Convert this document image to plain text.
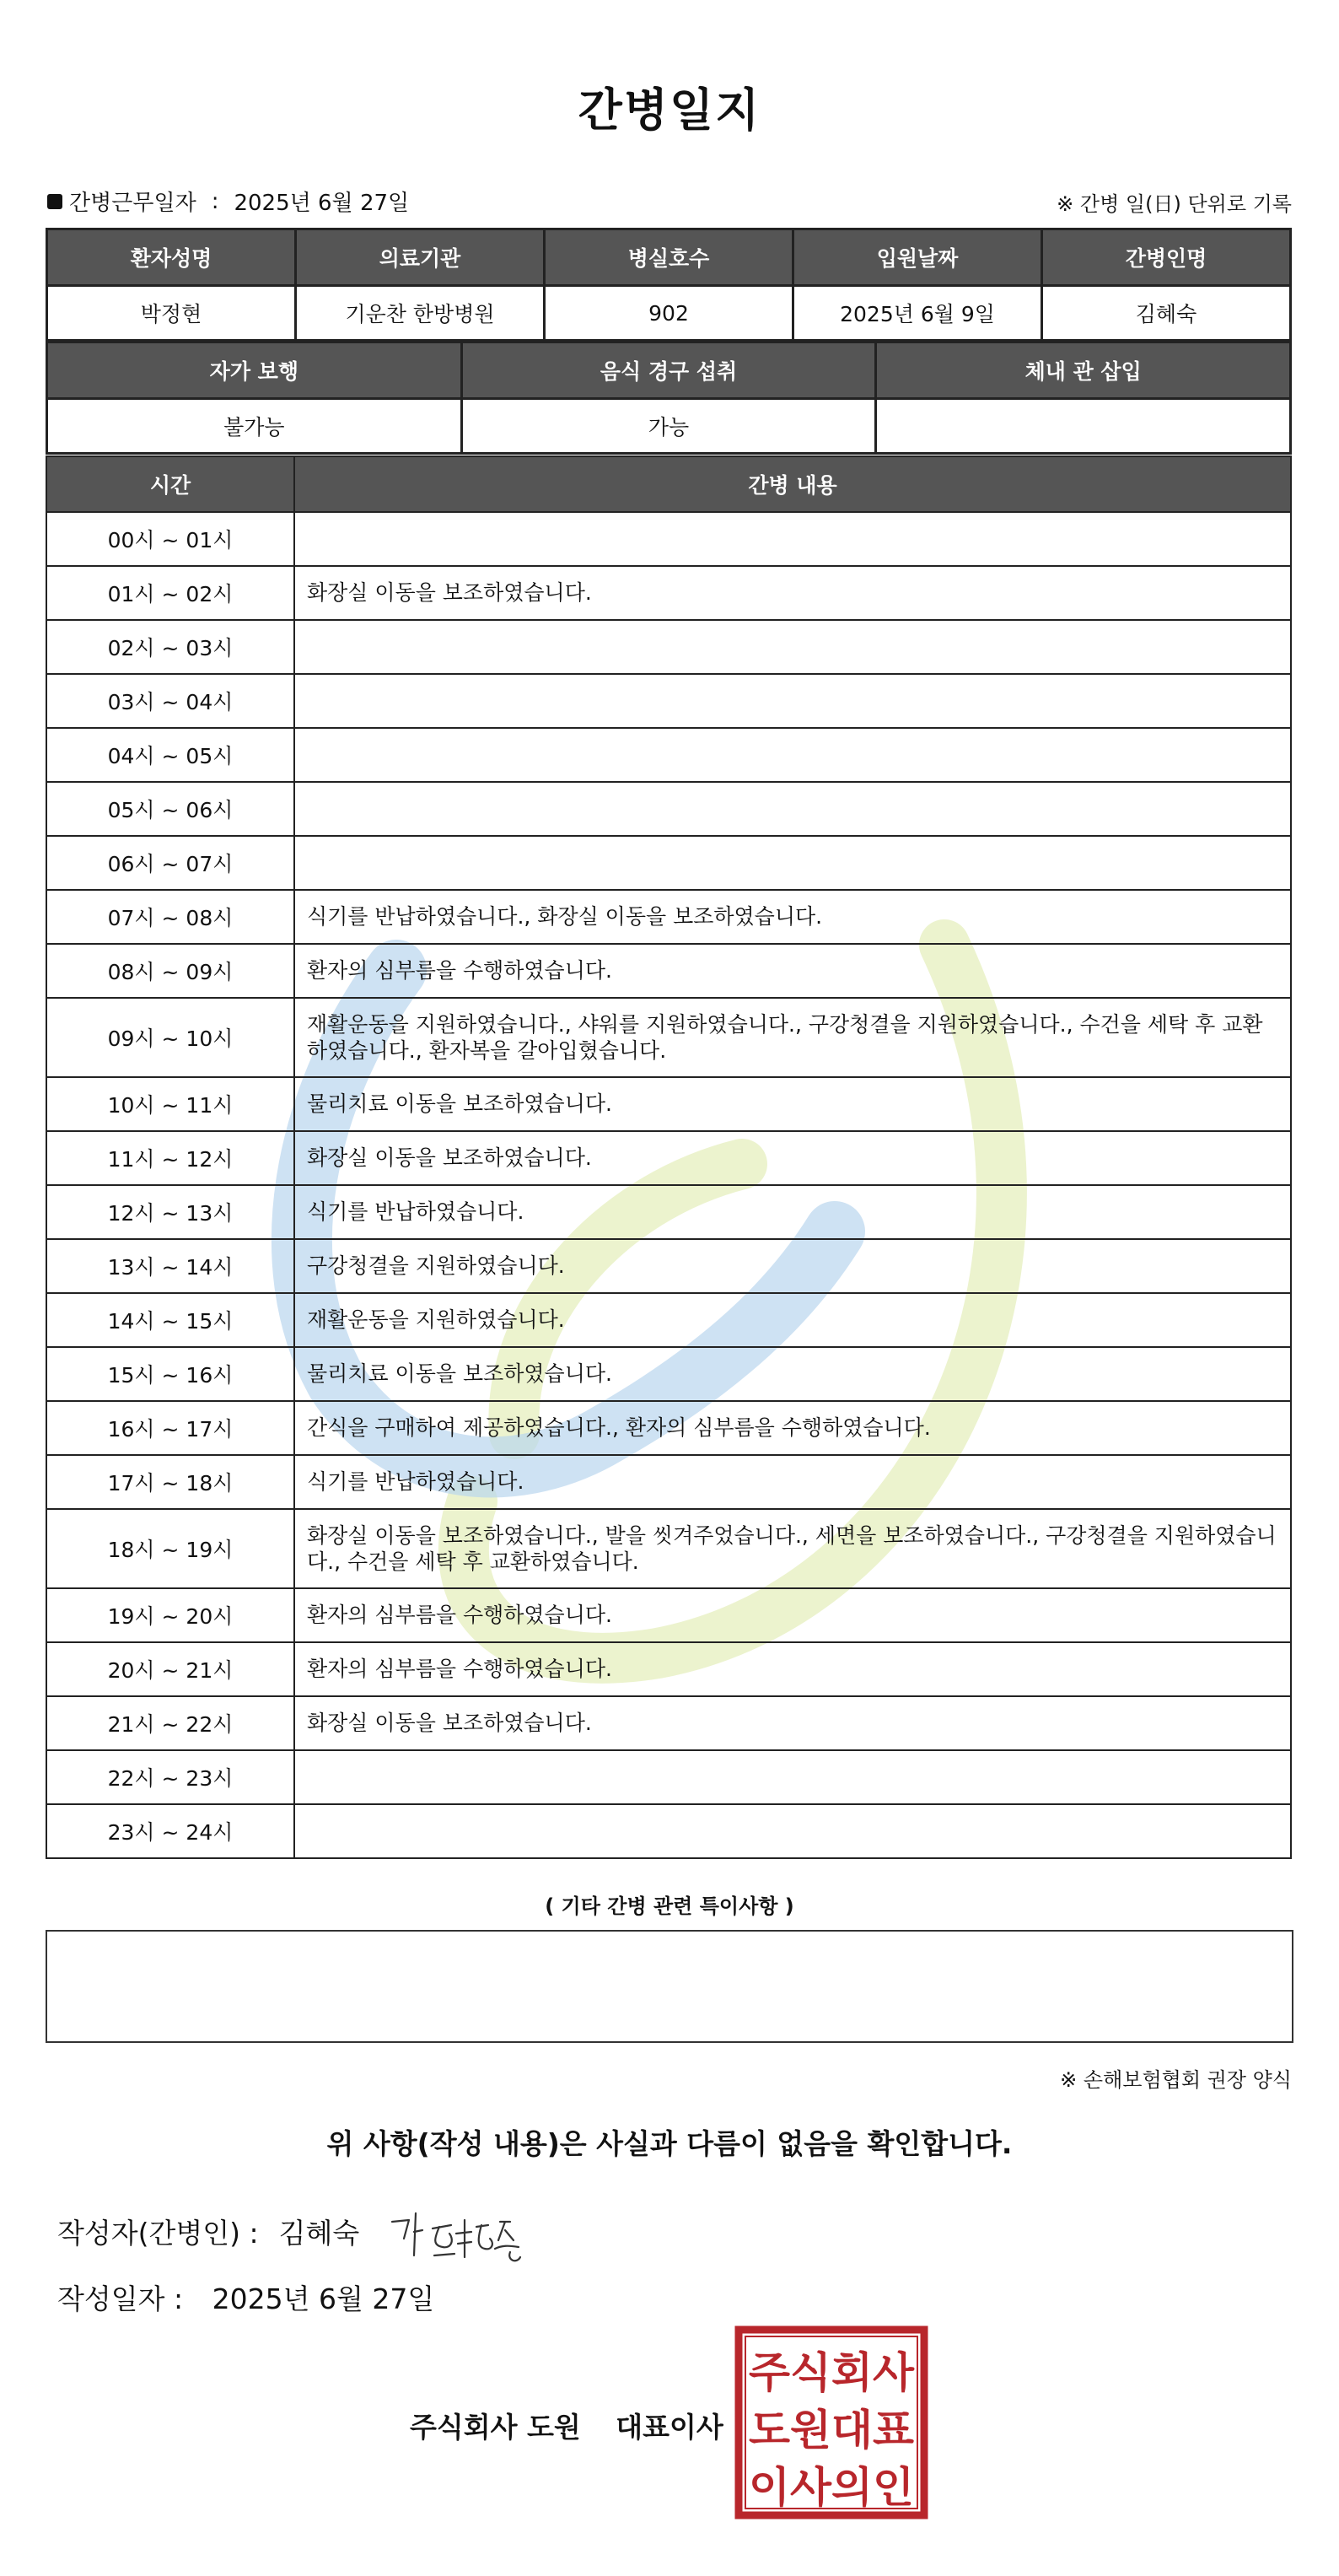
간병일지
간병근무일자 : 2025년 6월 27일	※ 간병 일(日) 단위로 기록
환자성명	의료기관	병실호수	입원날짜	간병인명
박정현	기운찬 한방병원	902	2025년 6월 9일	김혜숙
자가 보행	음식 경구 섭취	체내 관 삽입
불가능	가능	
시간	간병 내용
00시 ~ 01시	
01시 ~ 02시	화장실 이동을 보조하였습니다.
02시 ~ 03시	
03시 ~ 04시	
04시 ~ 05시	
05시 ~ 06시	
06시 ~ 07시	
07시 ~ 08시	식기를 반납하였습니다., 화장실 이동을 보조하였습니다.
08시 ~ 09시	환자의 심부름을 수행하였습니다.
09시 ~ 10시	재활운동을 지원하였습니다., 샤워를 지원하였습니다., 구강청결을 지원하였습니다., 수건을 세탁 후 교환하였습니다., 환자복을 갈아입혔습니다.
10시 ~ 11시	물리치료 이동을 보조하였습니다.
11시 ~ 12시	화장실 이동을 보조하였습니다.
12시 ~ 13시	식기를 반납하였습니다.
13시 ~ 14시	구강청결을 지원하였습니다.
14시 ~ 15시	재활운동을 지원하였습니다.
15시 ~ 16시	물리치료 이동을 보조하였습니다.
16시 ~ 17시	간식을 구매하여 제공하였습니다., 환자의 심부름을 수행하였습니다.
17시 ~ 18시	식기를 반납하였습니다.
18시 ~ 19시	화장실 이동을 보조하였습니다., 발을 씻겨주었습니다., 세면을 보조하였습니다., 구강청결을 지원하였습니다., 수건을 세탁 후 교환하였습니다.
19시 ~ 20시	환자의 심부름을 수행하였습니다.
20시 ~ 21시	환자의 심부름을 수행하였습니다.
21시 ~ 22시	화장실 이동을 보조하였습니다.
22시 ~ 23시	
23시 ~ 24시	
( 기타 간병 관련 특이사항 )
※ 손해보험협회 권장 양식
위 사항(작성 내용)은 사실과 다름이 없음을 확인합니다.
작성자(간병인) : 김혜숙
작성일자 : 2025년 6월 27일
주식회사 도원 대표이사
주식회사
도원대표
이사의인
